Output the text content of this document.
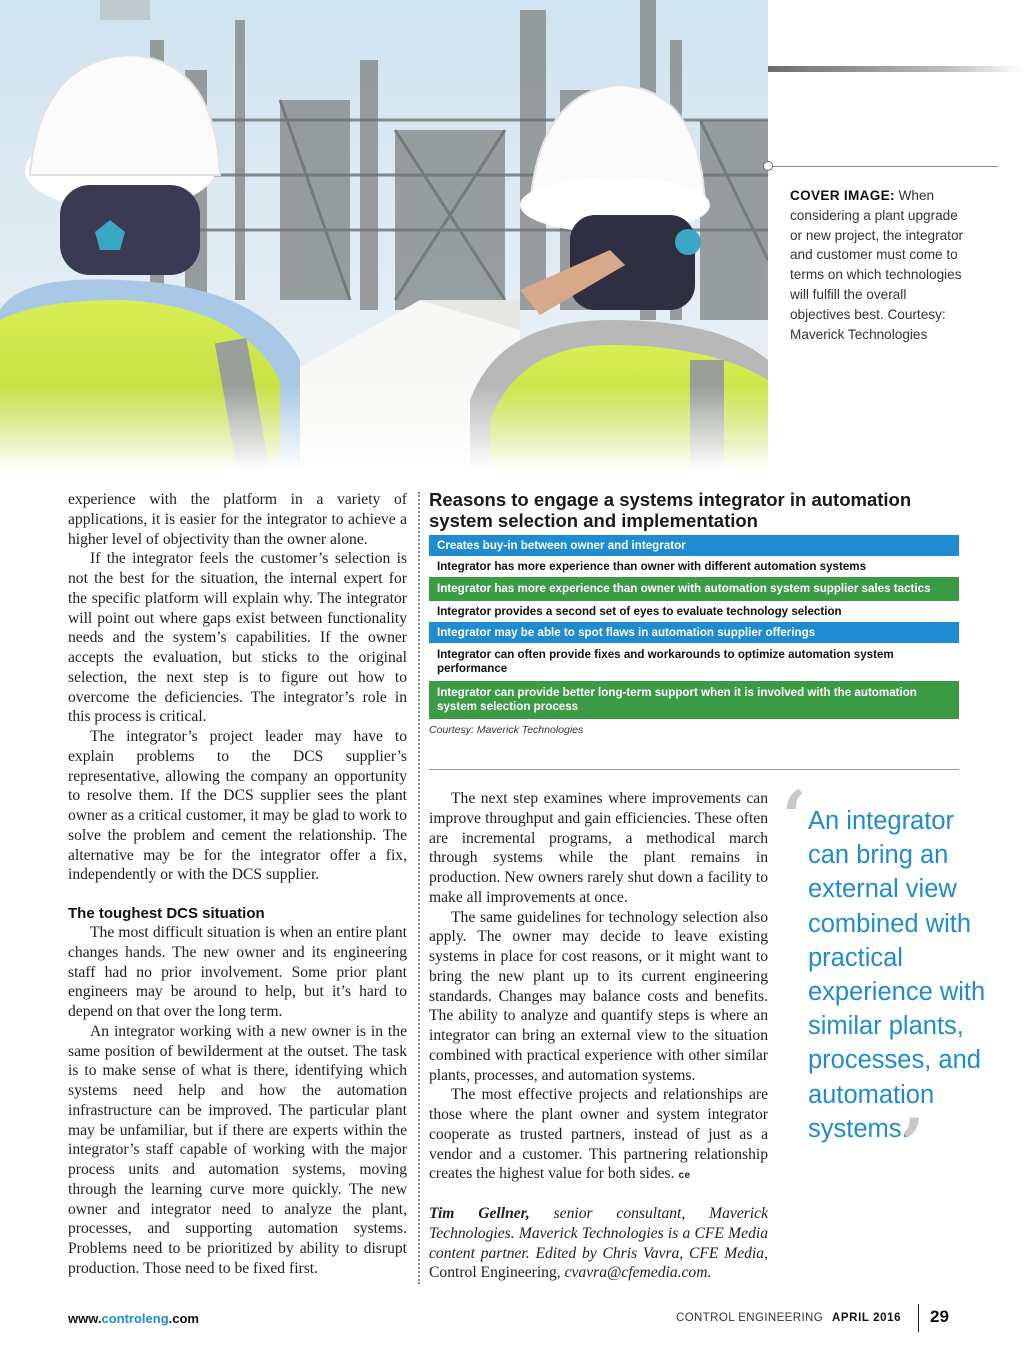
COVER IMAGE: When considering a plant upgrade or new project, the integrator and customer must come to terms on which technologies will fulfill the overall objectives best. Courtesy: Maverick Technologies

experience with the platform in a variety of applications, it is easier for the integrator to achieve a higher level of objectivity than the owner alone.

If the integrator feels the customer’s selection is not the best for the situation, the internal expert for the specific platform will explain why. The integrator will point out where gaps exist between functionality needs and the system’s capabilities. If the owner accepts the evaluation, but sticks to the original selection, the next step is to figure out how to overcome the deficiencies. The integrator’s role in this process is critical.

The integrator’s project leader may have to explain problems to the DCS supplier’s representative, allowing the company an opportunity to resolve them. If the DCS supplier sees the plant owner as a critical customer, it may be glad to work to solve the problem and cement the relationship. The alternative may be for the integrator offer a fix, independently or with the DCS supplier.

The toughest DCS situation

The most difficult situation is when an entire plant changes hands. The new owner and its engineering staff had no prior involvement. Some prior plant engineers may be around to help, but it’s hard to depend on that over the long term.

An integrator working with a new owner is in the same position of bewilderment at the outset. The task is to make sense of what is there, identifying which systems need help and how the automation infrastructure can be improved. The particular plant may be unfamiliar, but if there are experts within the integrator’s staff capable of working with the major process units and automation systems, moving through the learning curve more quickly. The new owner and integrator need to analyze the plant, processes, and supporting automation systems. Problems need to be prioritized by ability to disrupt production. Those need to be fixed first.

Reasons to engage a systems integrator in automation system selection and implementation
Creates buy-in between owner and integrator
Integrator has more experience than owner with different automation systems
Integrator has more experience than owner with automation system supplier sales tactics
Integrator provides a second set of eyes to evaluate technology selection
Integrator may be able to spot flaws in automation supplier offerings
Integrator can often provide fixes and workarounds to optimize automation system performance
Integrator can provide better long-term support when it is involved with the automation system selection process
Courtesy: Maverick Technologies

The next step examines where improvements can improve throughput and gain efficiencies. These often are incremental programs, a methodical march through systems while the plant remains in production. New owners rarely shut down a facility to make all improvements at once.

The same guidelines for technology selection also apply. The owner may decide to leave existing systems in place for cost reasons, or it might want to bring the new plant up to its current engineering standards. Changes may balance costs and benefits. The ability to analyze and quantify steps is where an integrator can bring an external view to the situation combined with practical experience with other similar plants, processes, and automation systems.

The most effective projects and relationships are those where the plant owner and system integrator cooperate as trusted partners, instead of just as a vendor and a customer. This partnering relationship creates the highest value for both sides. ce

Tim Gellner, senior consultant, Maverick Technologies. Maverick Technologies is a CFE Media content partner. Edited by Chris Vavra, CFE Media, Control Engineering, cvavra@cfemedia.com.

‘ An integrator can bring an external view combined with practical experience with similar plants, processes, and automation systems.
’
www.controleng.com	CONTROL ENGINEERING APRIL 2016 29
